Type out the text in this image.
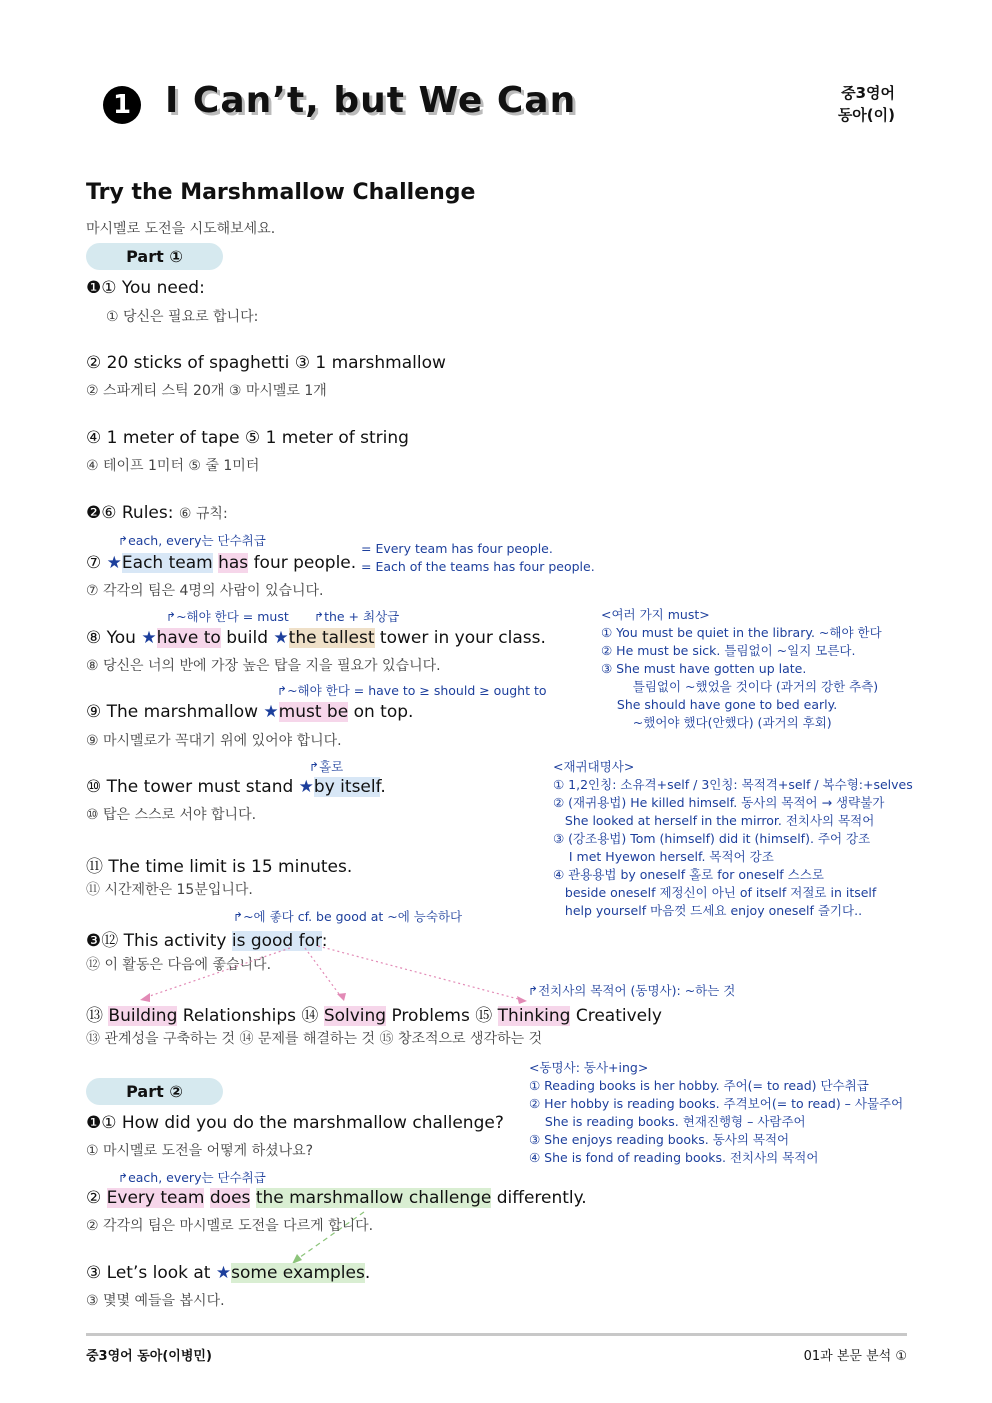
1 I Can’t, but We Can	중3영어
동아(이)
Try the Marshmallow Challenge
마시멜로 도전을 시도해보세요.
Part ①
❶① You need:
① 당신은 필요로 합니다:
② 20 sticks of spaghetti ③ 1 marshmallow
② 스파게티 스틱 20개 ③ 마시멜로 1개
④ 1 meter of tape ⑤ 1 meter of string
④ 테이프 1미터 ⑤ 줄 1미터
❷⑥ Rules: ⑥ 규칙:
↱each, every는 단수취급
⑦ ★Each team has four people.
= Every team has four people.
= Each of the teams has four people.
⑦ 각각의 팀은 4명의 사람이 있습니다.
↱~해야 한다 = must ↱the + 최상급
⑧ You ★have to build ★the tallest tower in your class.
⑧ 당신은 너의 반에 가장 높은 탑을 지을 필요가 있습니다.
<여러 가지 must>
① You must be quiet in the library. ~해야 한다
② He must be sick. 틀림없이 ~일지 모른다.
③ She must have gotten up late.
틀림없이 ~했었을 것이다 (과거의 강한 추측)
She should have gone to bed early.
~했어야 했다(안했다) (과거의 후회)
↱~해야 한다 = have to ≥ should ≥ ought to
⑨ The marshmallow ★must be on top.
⑨ 마시멜로가 꼭대기 위에 있어야 합니다.
↱홀로
⑩ The tower must stand ★by itself.
⑩ 탑은 스스로 서야 합니다.
<재귀대명사>
① 1,2인칭: 소유격+self / 3인칭: 목적격+self / 복수형:+selves
② (재귀용법) He killed himself. 동사의 목적어 → 생략불가
She looked at herself in the mirror. 전치사의 목적어
③ (강조용법) Tom (himself) did it (himself). 주어 강조
I met Hyewon herself. 목적어 강조
④ 관용용법 by oneself 홀로 for oneself 스스로
beside oneself 제정신이 아닌 of itself 저절로 in itself
help yourself 마음껏 드세요 enjoy oneself 즐기다..
⑪ The time limit is 15 minutes.
⑪ 시간제한은 15분입니다.
↱~에 좋다 cf. be good at ~에 능숙하다
❸⑫ This activity is good for:
⑫ 이 활동은 다음에 좋습니다.
↱전치사의 목적어 (동명사): ~하는 것
⑬ Building Relationships ⑭ Solving Problems ⑮ Thinking Creatively
⑬ 관계성을 구축하는 것 ⑭ 문제를 해결하는 것 ⑮ 창조적으로 생각하는 것
Part ②
<동명사: 동사+ing>
① Reading books is her hobby. 주어(= to read) 단수취급
② Her hobby is reading books. 주격보어(= to read) – 사물주어
She is reading books. 현재진행형 – 사람주어
③ She enjoys reading books. 동사의 목적어
④ She is fond of reading books. 전치사의 목적어
❶① How did you do the marshmallow challenge?
① 마시멜로 도전을 어떻게 하셨나요?
↱each, every는 단수취급
② Every team does the marshmallow challenge differently.
② 각각의 팀은 마시멜로 도전을 다르게 합니다.
③ Let’s look at ★some examples.
③ 몇몇 예들을 봅시다.
중3영어 동아(이병민)	01과 본문 분석 ①
